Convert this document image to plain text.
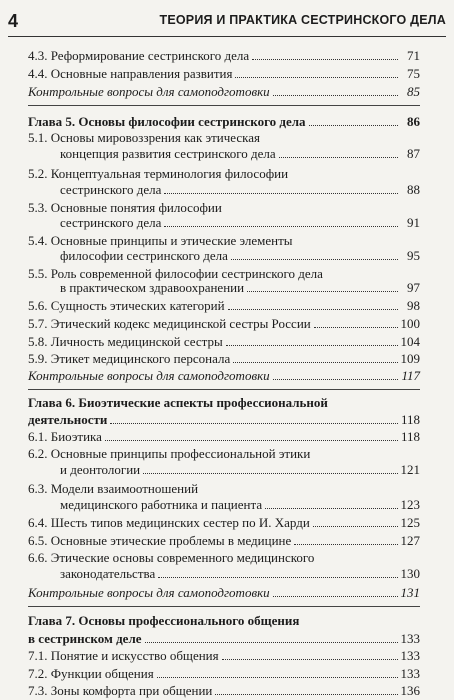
4	ТЕОРИЯ И ПРАКТИКА СЕСТРИНСКОГО ДЕЛА
4.3. Реформирование сестринского дела	71
4.4. Основные направления развития	75
Контрольные вопросы для самоподготовки	85
Глава 5. Основы философии сестринского дела	86
5.1. Основы мировоззрения как этическая
концепция развития сестринского дела	87
5.2. Концептуальная терминология философии
сестринского дела	88
5.3. Основные понятия философии
сестринского дела	91
5.4. Основные принципы и этические элементы
философии сестринского дела	95
5.5. Роль современной философии сестринского дела
в практическом здравоохранении	97
5.6. Сущность этических категорий	98
5.7. Этический кодекс медицинской сестры России	100
5.8. Личность медицинской сестры	104
5.9. Этикет медицинского персонала	109
Контрольные вопросы для самоподготовки	117
Глава 6. Биоэтические аспекты профессиональной
деятельности	118
6.1. Биоэтика	118
6.2. Основные принципы профессиональной этики
и деонтологии	121
6.3. Модели взаимоотношений
медицинского работника и пациента	123
6.4. Шесть типов медицинских сестер по И. Харди	125
6.5. Основные этические проблемы в медицине	127
6.6. Этические основы современного медицинского
законодательства	130
Контрольные вопросы для самоподготовки	131
Глава 7. Основы профессионального общения
в сестринском деле	133
7.1. Понятие и искусство общения	133
7.2. Функции общения	133
7.3. Зоны комфорта при общении	136
